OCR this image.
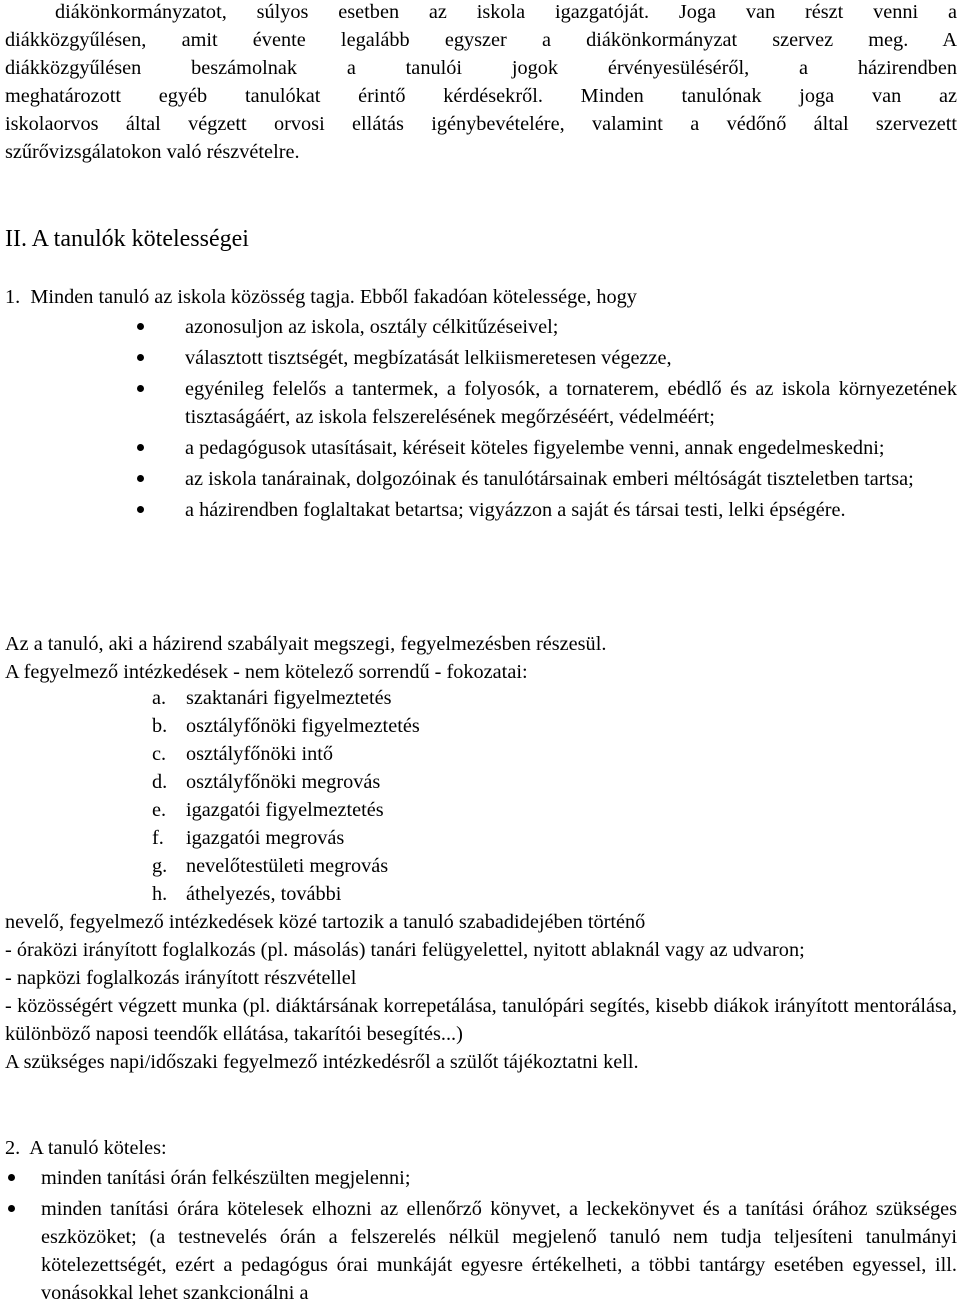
diákönkormányzatot, súlyos esetben az iskola igazgatóját. Joga van részt venni a

diákközgyűlésen, amit évente legalább egyszer a diákönkormányzat szervez meg. A

diákközgyűlésen beszámolnak a tanulói jogok érvényesüléséről, a házirendben

meghatározott egyéb tanulókat érintő kérdésekről. Minden tanulónak joga van az

iskolaorvos által végzett orvosi ellátás igénybevételére, valamint a védőnő által szervezett

szűrővizsgálatokon való részvételre.

II. A tanulók kötelességei
1.  Minden tanuló az iskola közösség tagja. Ebből fakadóan kötelessége, hogy

azonosuljon az iskola, osztály célkitűzéseivel;

választott tisztségét, megbízatását lelkiismeretesen végezze,

egyénileg felelős a tantermek, a folyosók, a tornaterem, ebédlő és az iskola környezetének tisztaságáért, az iskola felszerelésének megőrzéséért, védelméért;

a pedagógusok utasításait, kéréseit köteles figyelembe venni, annak engedelmeskedni;

az iskola tanárainak, dolgozóinak és tanulótársainak emberi méltóságát tiszteletben tartsa;

a házirendben foglaltakat betartsa; vigyázzon a saját és társai testi, lelki épségére.

Az a tanuló, aki a házirend szabályait megszegi, fegyelmezésben részesül.
A fegyelmező intézkedések - nem kötelező sorrendű - fokozatai:
a. szaktanári figyelmeztetés
b. osztályfőnöki figyelmeztetés
c. osztályfőnöki intő
d. osztályfőnöki megrovás
e. igazgatói figyelmeztetés
f.	igazgatói megrovás
g. nevelőtestületi megrovás
h. áthelyezés, további

nevelő, fegyelmező intézkedések közé tartozik a tanuló szabadidejében történő

- óraközi irányított foglalkozás (pl. másolás) tanári felügyelettel, nyitott ablaknál vagy az udvaron;

- napközi foglalkozás irányított részvétellel

- közösségért végzett munka (pl. diáktársának korrepetálása, tanulópári segítés, kisebb diákok irányított mentorálása, különböző naposi teendők ellátása, takarítói besegítés...)

A szükséges napi/időszaki fegyelmező intézkedésről a szülőt tájékoztatni kell.

2.  A tanuló köteles:

minden tanítási órán felkészülten megjelenni;

minden tanítási órára kötelesek elhozni az ellenőrző könyvet, a leckekönyvet és a tanítási órához szükséges eszközöket; (a testnevelés órán a felszerelés nélkül megjelenő tanuló nem tudja teljesíteni tanulmányi kötelezettségét, ezért a pedagógus órai munkáját egyesre értékelheti, a többi tantárgy esetében egyessel, ill. vonásokkal lehet szankcionálni a
